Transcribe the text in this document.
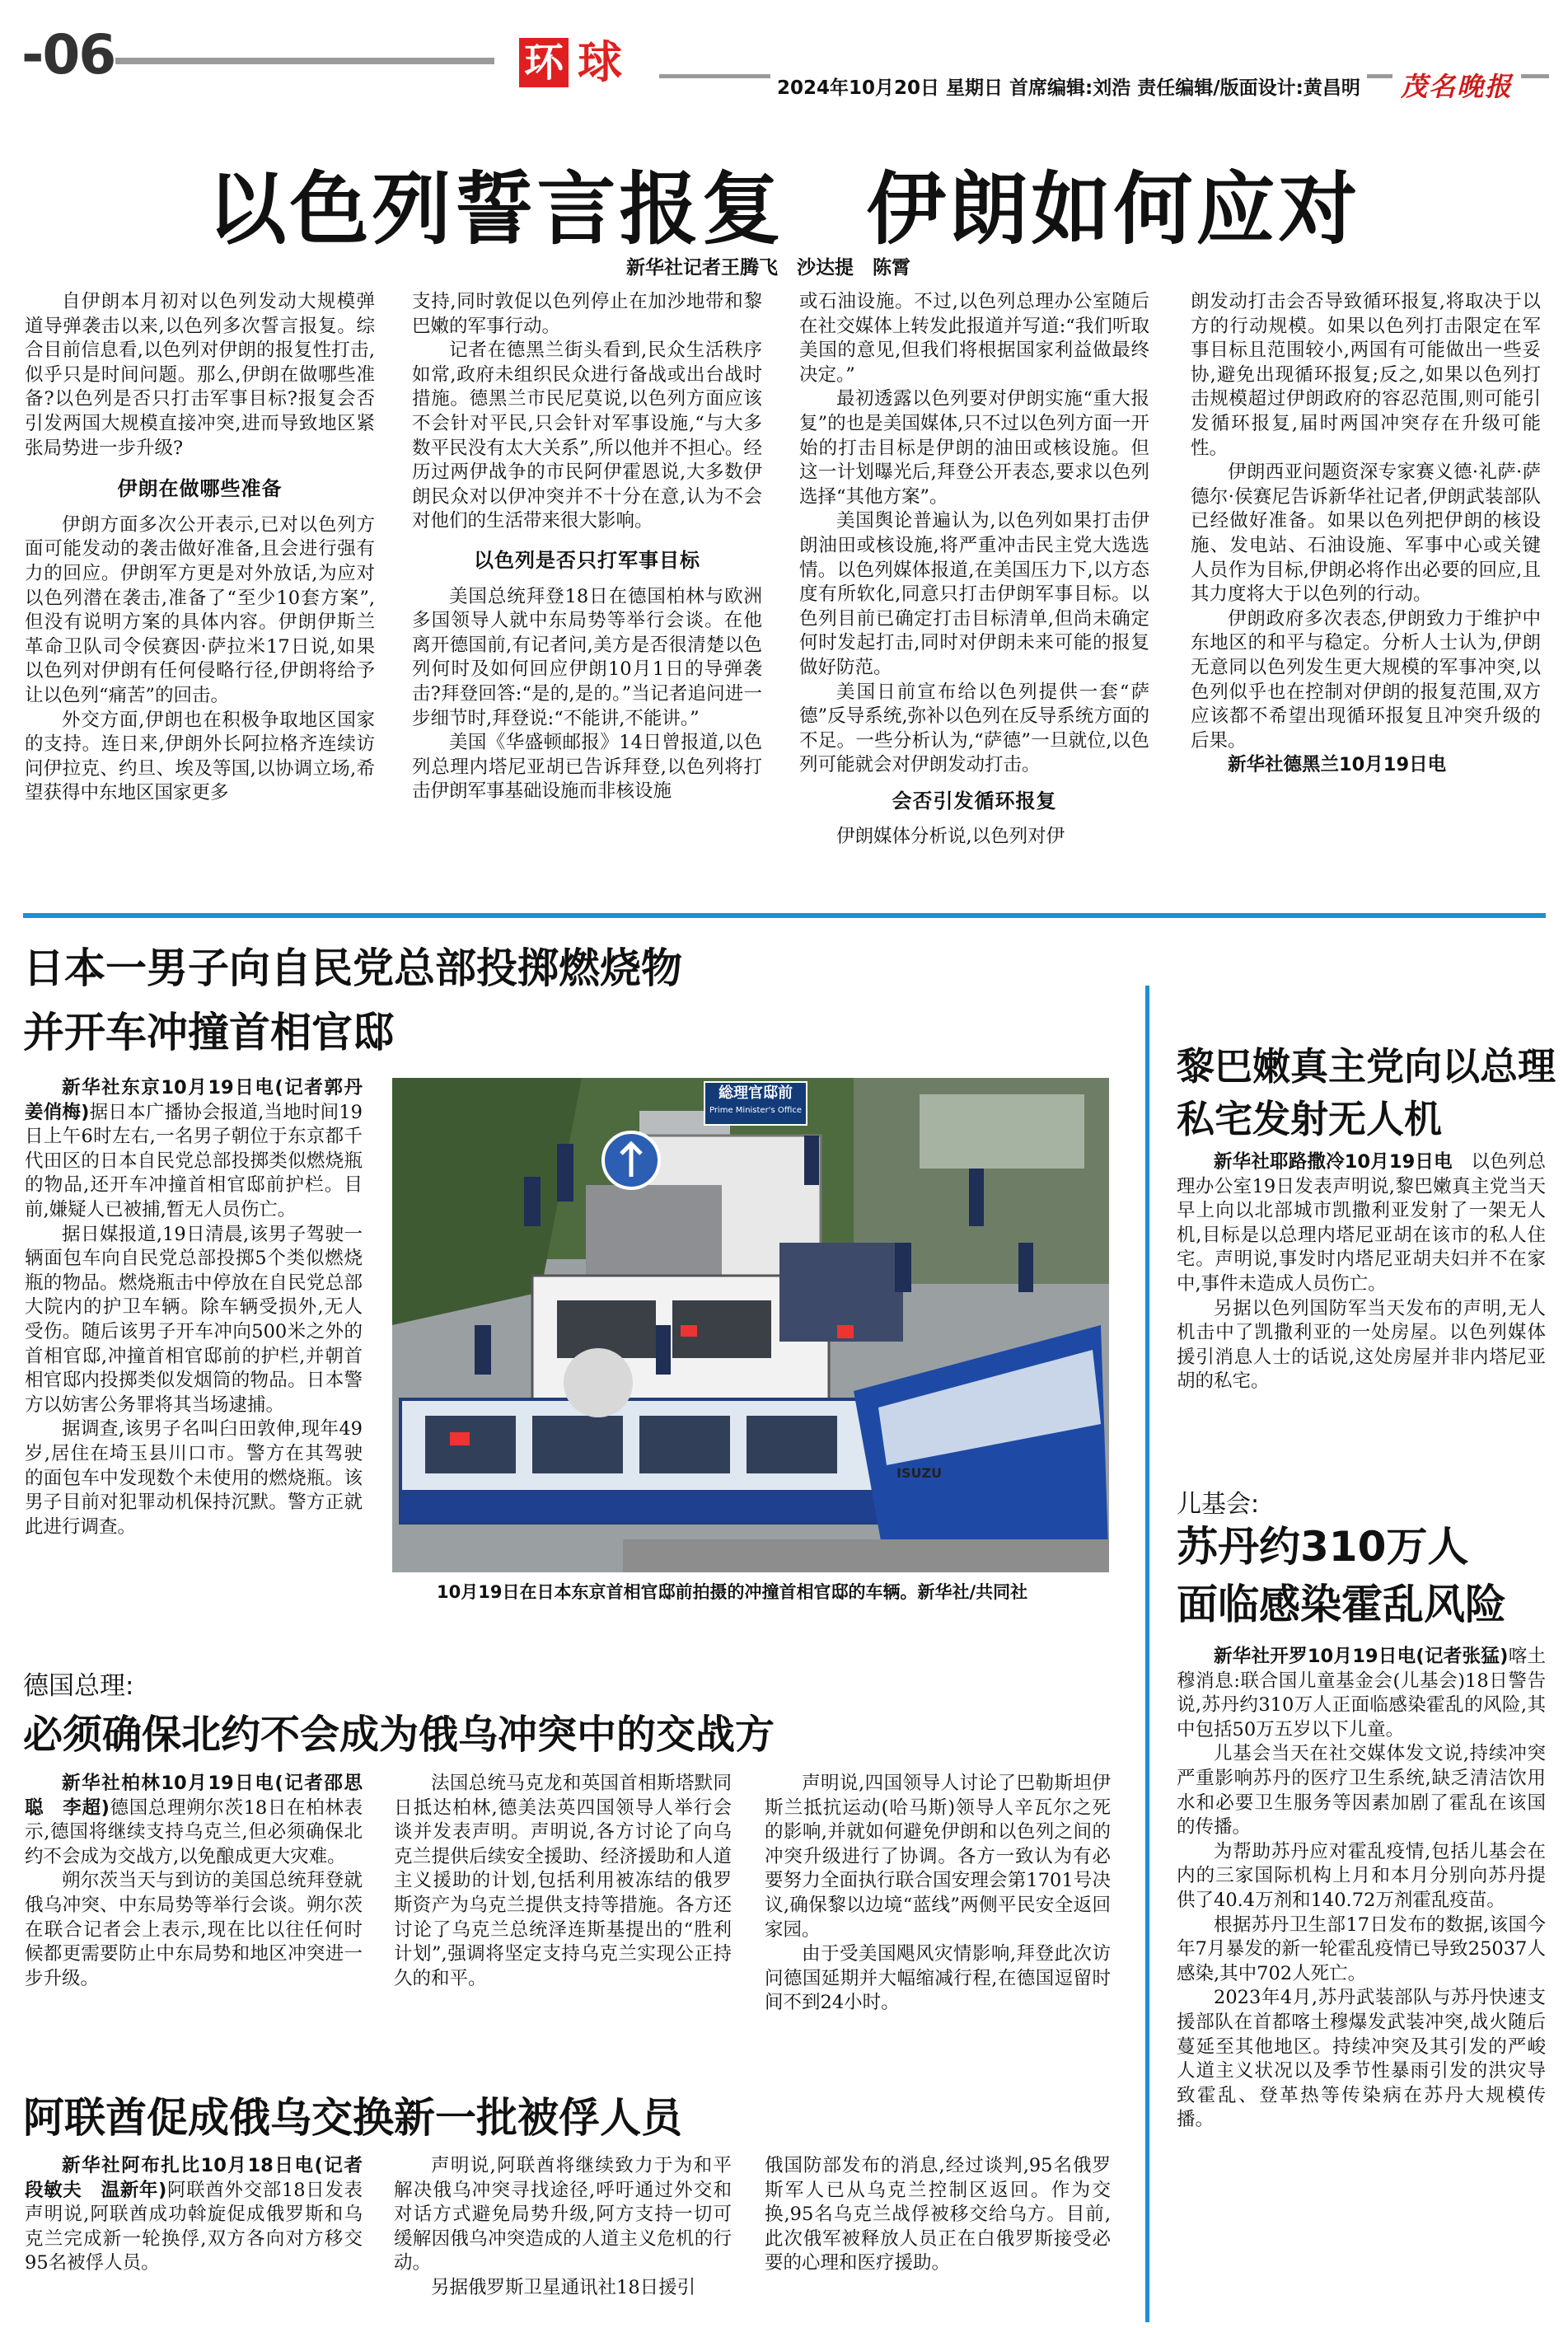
-06	环 球	2024年10月20日 星期日 首席编辑:刘浩 责任编辑/版面设计:黄昌明	茂名晚报
以色列誓言报复 伊朗如何应对
新华社记者王腾飞　沙达提　陈霄

自伊朗本月初对以色列发动大规模弹道导弹袭击以来,以色列多次誓言报复。综合目前信息看,以色列对伊朗的报复性打击,似乎只是时间问题。那么,伊朗在做哪些准备?以色列是否只打击军事目标?报复会否引发两国大规模直接冲突,进而导致地区紧张局势进一步升级?

伊朗在做哪些准备

伊朗方面多次公开表示,已对以色列方面可能发动的袭击做好准备,且会进行强有力的回应。伊朗军方更是对外放话,为应对以色列潜在袭击,准备了“至少10套方案”,但没有说明方案的具体内容。伊朗伊斯兰革命卫队司令侯赛因·萨拉米17日说,如果以色列对伊朗有任何侵略行径,伊朗将给予让以色列“痛苦”的回击。

外交方面,伊朗也在积极争取地区国家的支持。连日来,伊朗外长阿拉格齐连续访问伊拉克、约旦、埃及等国,以协调立场,希望获得中东地区国家更多

支持,同时敦促以色列停止在加沙地带和黎巴嫩的军事行动。

记者在德黑兰街头看到,民众生活秩序如常,政府未组织民众进行备战或出台战时措施。德黑兰市民尼莫说,以色列方面应该不会针对平民,只会针对军事设施,“与大多数平民没有太大关系”,所以他并不担心。经历过两伊战争的市民阿伊霍恩说,大多数伊朗民众对以伊冲突并不十分在意,认为不会对他们的生活带来很大影响。

以色列是否只打军事目标

美国总统拜登18日在德国柏林与欧洲多国领导人就中东局势等举行会谈。在他离开德国前,有记者问,美方是否很清楚以色列何时及如何回应伊朗10月1日的导弹袭击?拜登回答:“是的,是的。”当记者追问进一步细节时,拜登说:“不能讲,不能讲。”

美国《华盛顿邮报》14日曾报道,以色列总理内塔尼亚胡已告诉拜登,以色列将打击伊朗军事基础设施而非核设施

或石油设施。不过,以色列总理办公室随后在社交媒体上转发此报道并写道:“我们听取美国的意见,但我们将根据国家利益做最终决定。”

最初透露以色列要对伊朗实施“重大报复”的也是美国媒体,只不过以色列方面一开始的打击目标是伊朗的油田或核设施。但这一计划曝光后,拜登公开表态,要求以色列选择“其他方案”。

美国舆论普遍认为,以色列如果打击伊朗油田或核设施,将严重冲击民主党大选选情。以色列媒体报道,在美国压力下,以方态度有所软化,同意只打击伊朗军事目标。以色列目前已确定打击目标清单,但尚未确定何时发起打击,同时对伊朗未来可能的报复做好防范。

美国日前宣布给以色列提供一套“萨德”反导系统,弥补以色列在反导系统方面的不足。一些分析认为,“萨德”一旦就位,以色列可能就会对伊朗发动打击。

会否引发循环报复

伊朗媒体分析说,以色列对伊

朗发动打击会否导致循环报复,将取决于以方的行动规模。如果以色列打击限定在军事目标且范围较小,两国有可能做出一些妥协,避免出现循环报复;反之,如果以色列打击规模超过伊朗政府的容忍范围,则可能引发循环报复,届时两国冲突存在升级可能性。

伊朗西亚问题资深专家赛义德·礼萨·萨德尔·侯赛尼告诉新华社记者,伊朗武装部队已经做好准备。如果以色列把伊朗的核设施、发电站、石油设施、军事中心或关键人员作为目标,伊朗必将作出必要的回应,且其力度将大于以色列的行动。

伊朗政府多次表态,伊朗致力于维护中东地区的和平与稳定。分析人士认为,伊朗无意同以色列发生更大规模的军事冲突,以色列似乎也在控制对伊朗的报复范围,双方应该都不希望出现循环报复且冲突升级的后果。

新华社德黑兰10月19日电

日本一男子向自民党总部投掷燃烧物
并开车冲撞首相官邸

新华社东京10月19日电(记者郭丹　姜俏梅)据日本广播协会报道,当地时间19日上午6时左右,一名男子朝位于东京都千代田区的日本自民党总部投掷类似燃烧瓶的物品,还开车冲撞首相官邸前护栏。目前,嫌疑人已被捕,暂无人员伤亡。

据日媒报道,19日清晨,该男子驾驶一辆面包车向自民党总部投掷5个类似燃烧瓶的物品。燃烧瓶击中停放在自民党总部大院内的护卫车辆。除车辆受损外,无人受伤。随后该男子开车冲向500米之外的首相官邸,冲撞首相官邸前的护栏,并朝首相官邸内投掷类似发烟筒的物品。日本警方以妨害公务罪将其当场逮捕。

据调查,该男子名叫臼田敦伸,现年49岁,居住在埼玉县川口市。警方在其驾驶的面包车中发现数个未使用的燃烧瓶。该男子目前对犯罪动机保持沉默。警方正就此进行调查。

総理官邸前
Prime Minister's Office
ISUZU
10月19日在日本东京首相官邸前拍摄的冲撞首相官邸的车辆。新华社/共同社
黎巴嫩真主党向以总理
私宅发射无人机

新华社耶路撒冷10月19日电　 以色列总理办公室19日发表声明说,黎巴嫩真主党当天早上向以北部城市凯撒利亚发射了一架无人机,目标是以总理内塔尼亚胡在该市的私人住宅。声明说,事发时内塔尼亚胡夫妇并不在家中,事件未造成人员伤亡。

另据以色列国防军当天发布的声明,无人机击中了凯撒利亚的一处房屋。以色列媒体援引消息人士的话说,这处房屋并非内塔尼亚胡的私宅。

儿基会:
苏丹约310万人
面临感染霍乱风险

新华社开罗10月19日电(记者张猛)喀土穆消息:联合国儿童基金会(儿基会)18日警告说,苏丹约310万人正面临感染霍乱的风险,其中包括50万五岁以下儿童。

儿基会当天在社交媒体发文说,持续冲突严重影响苏丹的医疗卫生系统,缺乏清洁饮用水和必要卫生服务等因素加剧了霍乱在该国的传播。

为帮助苏丹应对霍乱疫情,包括儿基会在内的三家国际机构上月和本月分别向苏丹提供了40.4万剂和140.72万剂霍乱疫苗。

根据苏丹卫生部17日发布的数据,该国今年7月暴发的新一轮霍乱疫情已导致25037人感染,其中702人死亡。

2023年4月,苏丹武装部队与苏丹快速支援部队在首都喀土穆爆发武装冲突,战火随后蔓延至其他地区。持续冲突及其引发的严峻人道主义状况以及季节性暴雨引发的洪灾导致霍乱、登革热等传染病在苏丹大规模传播。

德国总理:
必须确保北约不会成为俄乌冲突中的交战方

新华社柏林10月19日电(记者邵思聪　李超)德国总理朔尔茨18日在柏林表示,德国将继续支持乌克兰,但必须确保北约不会成为交战方,以免酿成更大灾难。

朔尔茨当天与到访的美国总统拜登就俄乌冲突、中东局势等举行会谈。朔尔茨在联合记者会上表示,现在比以往任何时候都更需要防止中东局势和地区冲突进一步升级。

法国总统马克龙和英国首相斯塔默同日抵达柏林,德美法英四国领导人举行会谈并发表声明。声明说,各方讨论了向乌克兰提供后续安全援助、经济援助和人道主义援助的计划,包括利用被冻结的俄罗斯资产为乌克兰提供支持等措施。各方还讨论了乌克兰总统泽连斯基提出的“胜利计划”,强调将坚定支持乌克兰实现公正持久的和平。

声明说,四国领导人讨论了巴勒斯坦伊斯兰抵抗运动(哈马斯)领导人辛瓦尔之死的影响,并就如何避免伊朗和以色列之间的冲突升级进行了协调。各方一致认为有必要努力全面执行联合国安理会第1701号决议,确保黎以边境“蓝线”两侧平民安全返回家园。

由于受美国飓风灾情影响,拜登此次访问德国延期并大幅缩减行程,在德国逗留时间不到24小时。

阿联酋促成俄乌交换新一批被俘人员

新华社阿布扎比10月18日电(记者段敏夫　温新年)阿联酋外交部18日发表声明说,阿联酋成功斡旋促成俄罗斯和乌克兰完成新一轮换俘,双方各向对方移交95名被俘人员。

声明说,阿联酋将继续致力于为和平解决俄乌冲突寻找途径,呼吁通过外交和对话方式避免局势升级,阿方支持一切可缓解因俄乌冲突造成的人道主义危机的行动。

另据俄罗斯卫星通讯社18日援引

俄国防部发布的消息,经过谈判,95名俄罗斯军人已从乌克兰控制区返回。作为交换,95名乌克兰战俘被移交给乌方。目前,此次俄军被释放人员正在白俄罗斯接受必要的心理和医疗援助。
